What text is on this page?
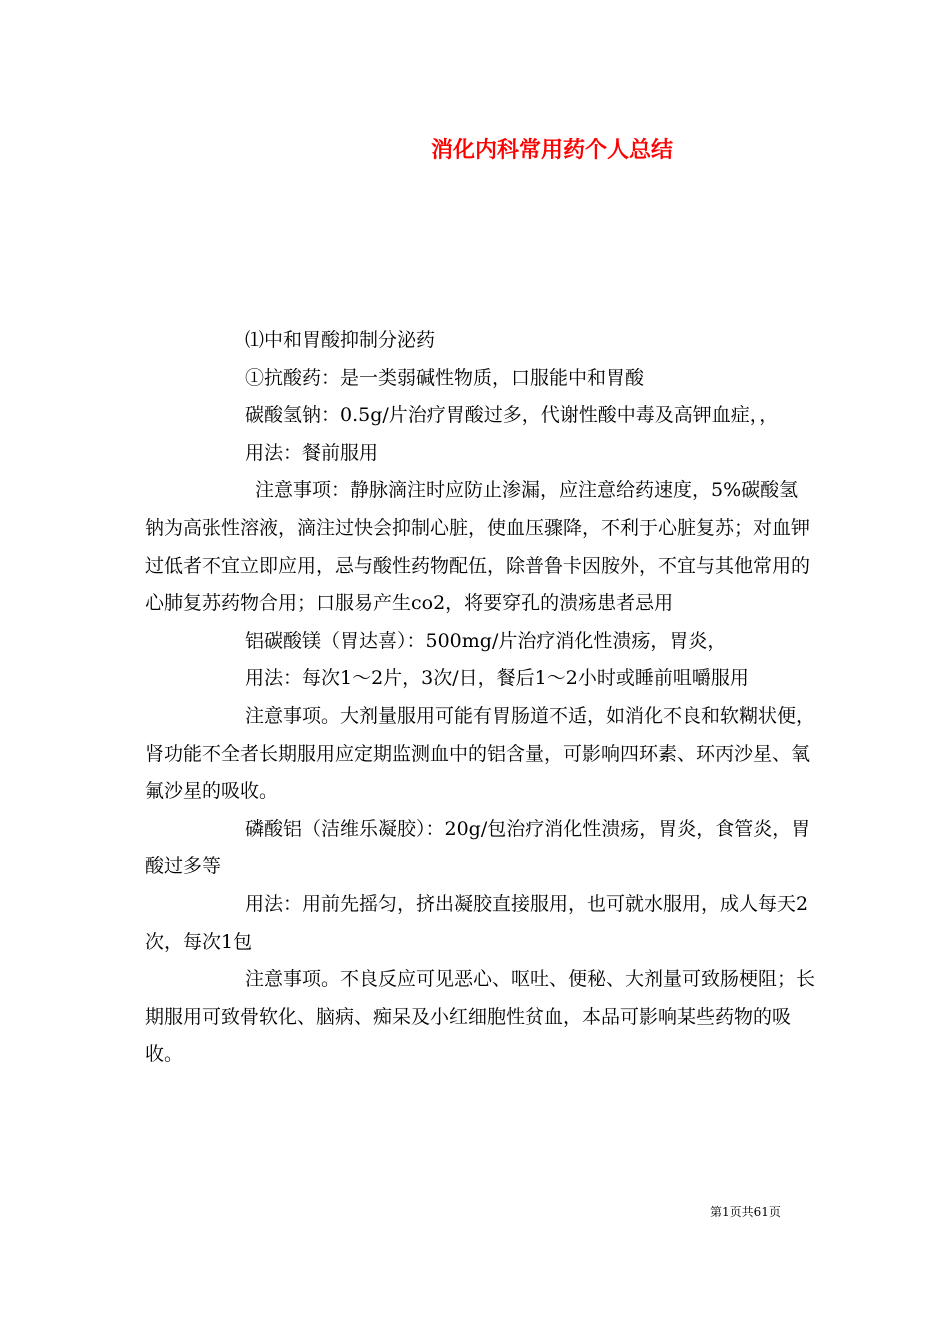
消化内科常用药个人总结

⑴中和胃酸抑制分泌药

①抗酸药：是一类弱碱性物质，口服能中和胃酸

碳酸氢钠：0.5g/片治疗胃酸过多，代谢性酸中毒及高钾血症，，

用法：餐前服用

注意事项：静脉滴注时应防止渗漏，应注意给药速度，5%碳酸氢钠为高张性溶液，滴注过快会抑制心脏，使血压骤降，不利于心脏复苏；对血钾过低者不宜立即应用，忌与酸性药物配伍，除普鲁卡因胺外，不宜与其他常用的心肺复苏药物合用；口服易产生co2，将要穿孔的溃疡患者忌用

铝碳酸镁（胃达喜）：500mg/片治疗消化性溃疡，胃炎，

用法：每次1～2片，3次/日，餐后1～2小时或睡前咀嚼服用

注意事项。大剂量服用可能有胃肠道不适，如消化不良和软糊状便，肾功能不全者长期服用应定期监测血中的铝含量，可影响四环素、环丙沙星、氧氟沙星的吸收。

磷酸铝（洁维乐凝胶）：20g/包治疗消化性溃疡，胃炎，食管炎，胃酸过多等

用法：用前先摇匀，挤出凝胶直接服用，也可就水服用，成人每天2次，每次1包

注意事项。不良反应可见恶心、呕吐、便秘、大剂量可致肠梗阻；长期服用可致骨软化、脑病、痴呆及小红细胞性贫血，本品可影响某些药物的吸收。

第1页共61页
